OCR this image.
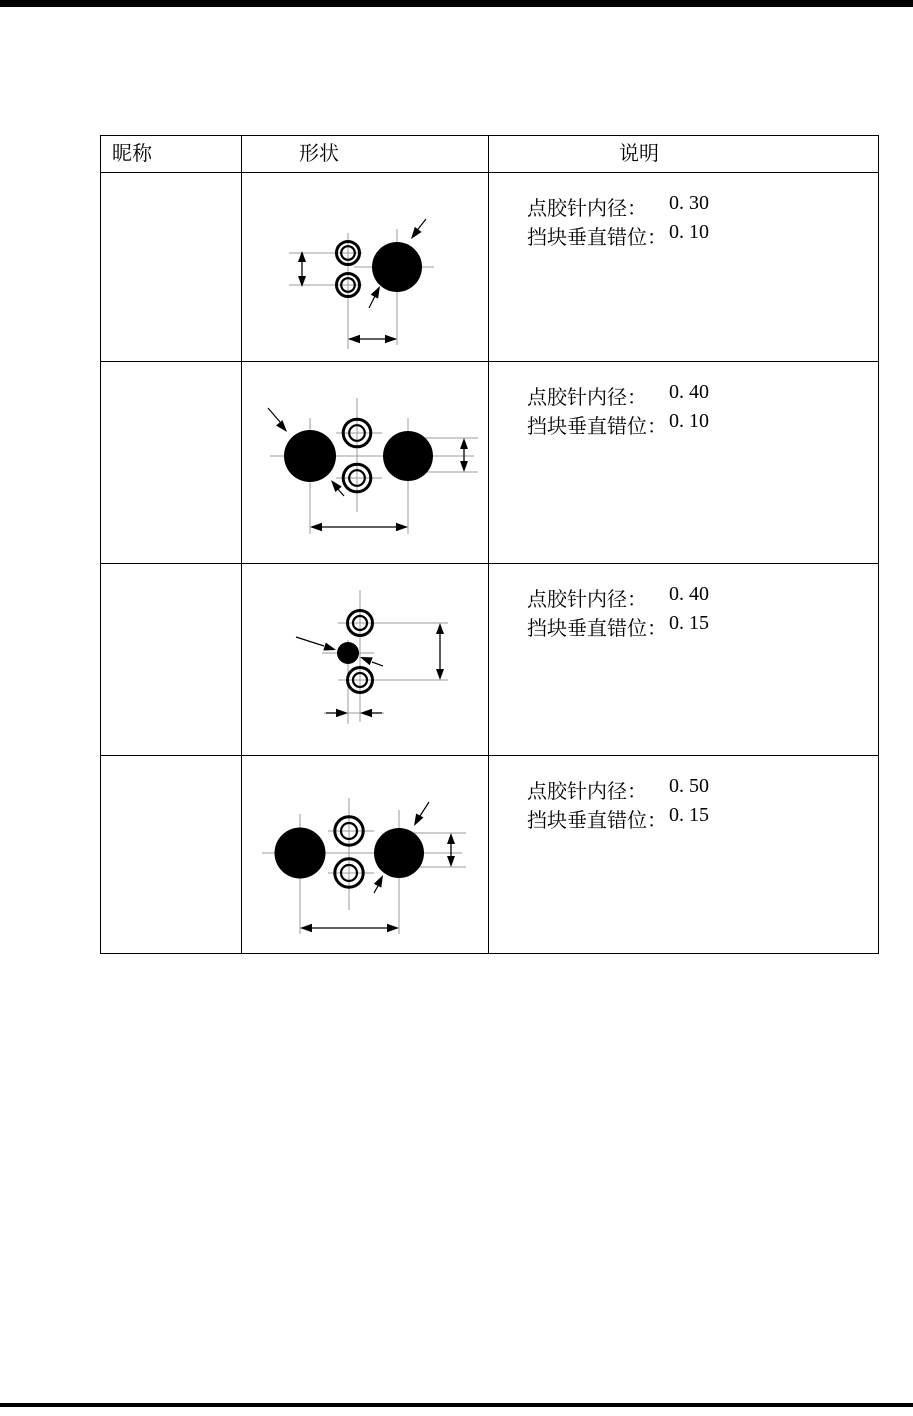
昵称	形状	说明

点胶针内径： 0. 30
挡块垂直错位： 0. 10

点胶针内径： 0. 40
挡块垂直错位： 0. 10

点胶针内径： 0. 40
挡块垂直错位： 0. 15

点胶针内径： 0. 50
挡块垂直错位： 0. 15
